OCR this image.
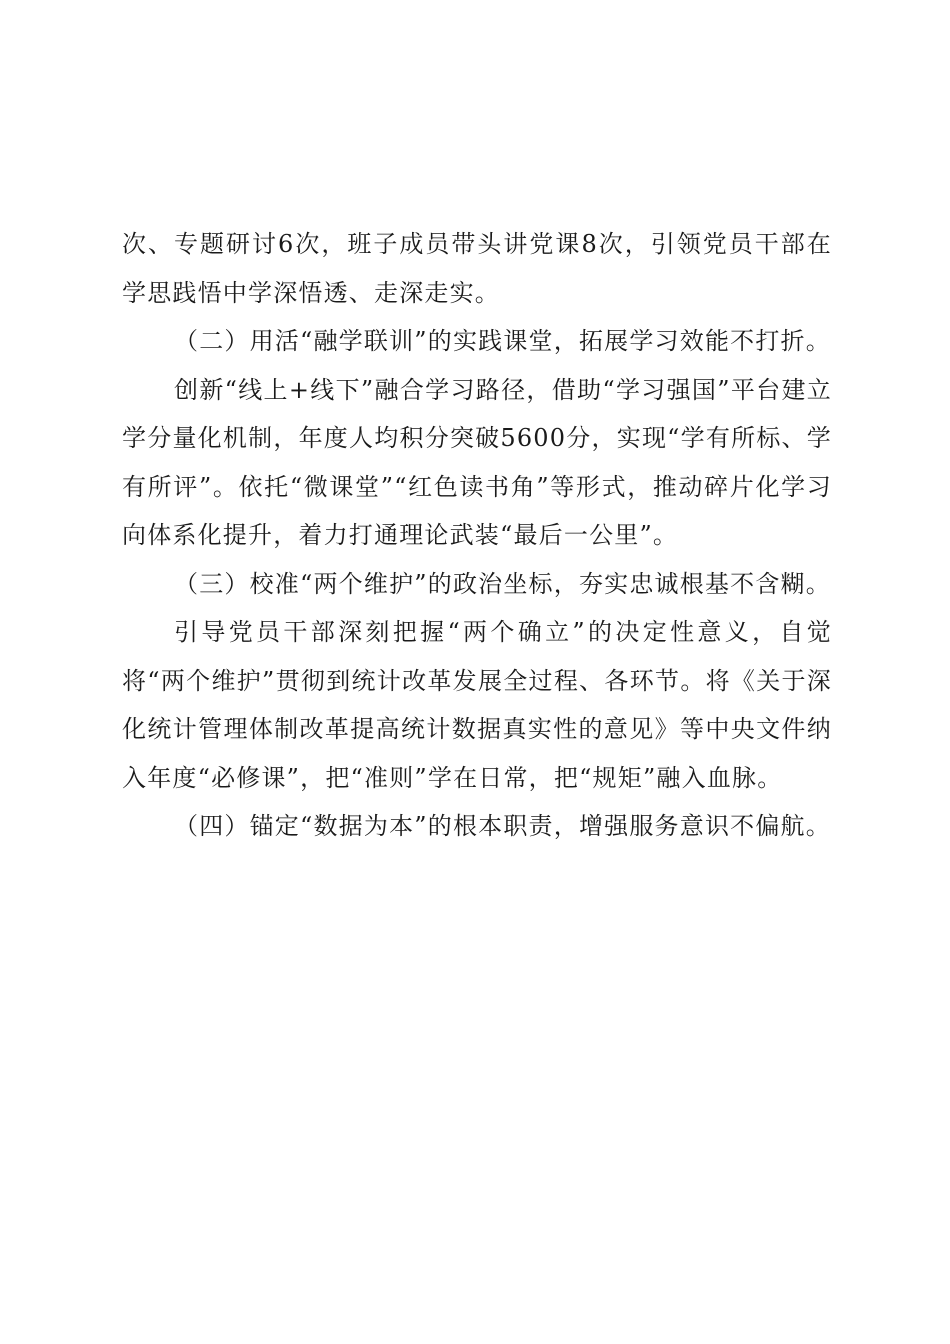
次、专题研讨6次，班子成员带头讲党课8次，引领党员干部在学思践悟中学深悟透、走深走实。

（二）用活“融学联训”的实践课堂，拓展学习效能不打折。

创新“线上+线下”融合学习路径，借助“学习强国”平台建立学分量化机制，年度人均积分突破5600分，实现“学有所标、学有所评”。依托“微课堂”“红色读书角”等形式，推动碎片化学习向体系化提升，着力打通理论武装“最后一公里”。

（三）校准“两个维护”的政治坐标，夯实忠诚根基不含糊。

引导党员干部深刻把握“两个确立”的决定性意义，自觉将“两个维护”贯彻到统计改革发展全过程、各环节。将《关于深化统计管理体制改革提高统计数据真实性的意见》等中央文件纳入年度“必修课”，把“准则”学在日常，把“规矩”融入血脉。

（四）锚定“数据为本”的根本职责，增强服务意识不偏航。
